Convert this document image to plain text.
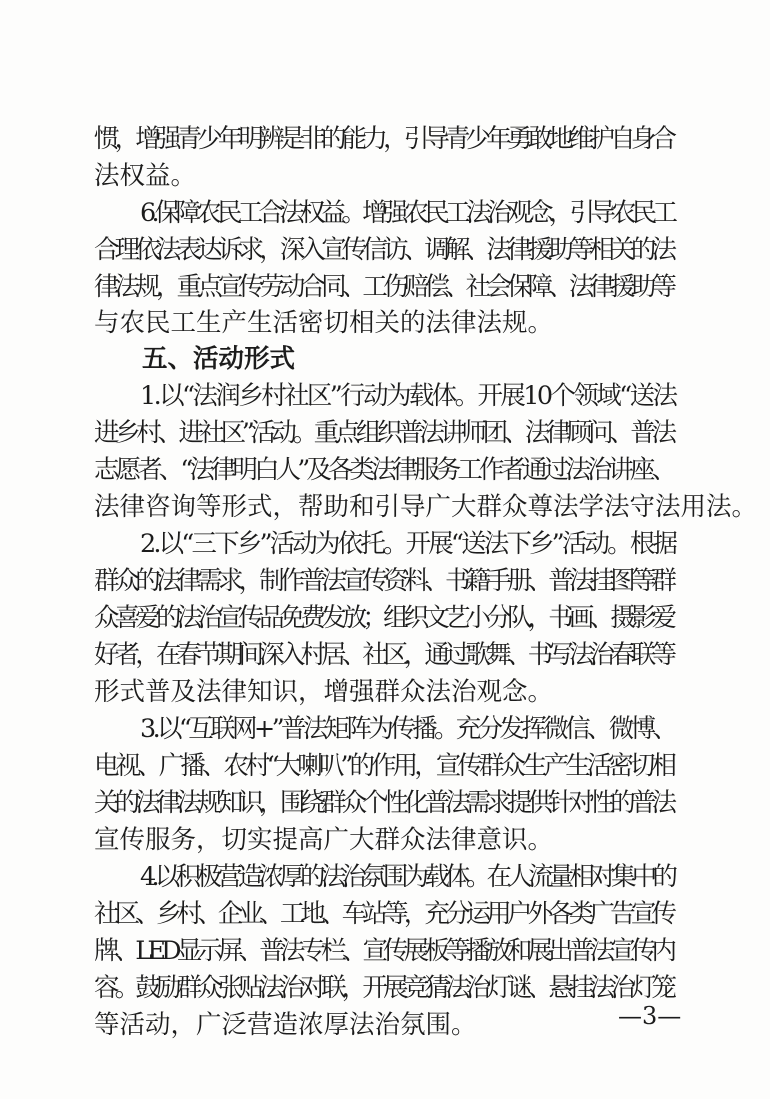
惯，增强青少年明辨是非的能力，引导青少年勇敢地维护自身合
法权益。
6.保障农民工合法权益。增强农民工法治观念，引导农民工
合理依法表达诉求，深入宣传信访、调解、法律援助等相关的法
律法规，重点宣传劳动合同、工伤赔偿、社会保障、法律援助等
与农民工生产生活密切相关的法律法规。
五、活动形式
1.以“法润乡村社区”行动为载体。开展10个领域“送法
进乡村、进社区”活动。重点组织普法讲师团、法律顾问、普法
志愿者、“法律明白人”及各类法律服务工作者通过法治讲座、
法律咨询等形式，帮助和引导广大群众尊法学法守法用法。
2.以“三下乡”活动为依托。开展“送法下乡”活动。根据
群众的法律需求，制作普法宣传资料、书籍手册、普法挂图等群
众喜爱的法治宣传品免费发放；组织文艺小分队，书画、摄影爱
好者，在春节期间深入村居、社区，通过歌舞、书写法治春联等
形式普及法律知识，增强群众法治观念。
3.以“互联网+”普法矩阵为传播。充分发挥微信、微博、
电视、广播、农村“大喇叭”的作用，宣传群众生产生活密切相
关的法律法规知识，围绕群众个性化普法需求提供针对性的普法
宣传服务，切实提高广大群众法律意识。
4.以积极营造浓厚的法治氛围为载体。在人流量相对集中的
社区、乡村、企业、工地、车站等，充分运用户外各类广告宣传
牌、LED显示屏、普法专栏、宣传展板等播放和展出普法宣传内
容。鼓励群众张贴法治对联，开展竞猜法治灯谜、悬挂法治灯笼
等活动，广泛营造浓厚法治氛围。	—3—
